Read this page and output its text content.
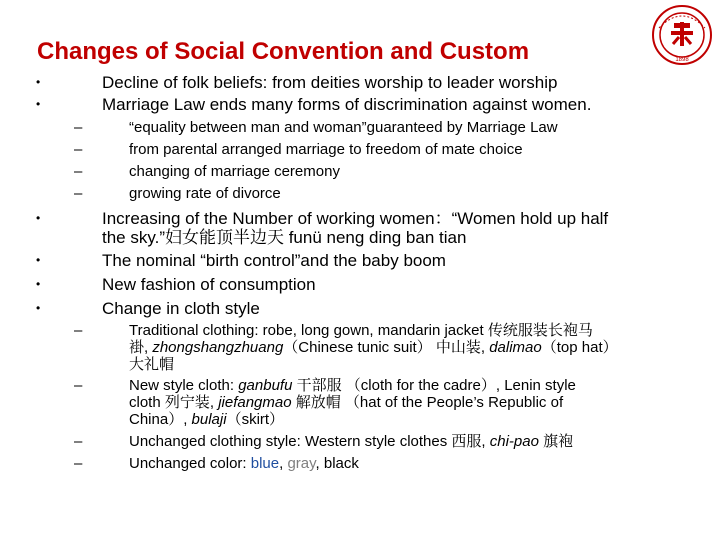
Changes of Social Convention and Custom	1898
•	Decline of folk beliefs: from deities worship to leader worship
•	Marriage Law ends many forms of discrimination against women.
–	“equality between man and woman”guaranteed by Marriage Law
–	from parental arranged marriage to freedom of mate choice
–	changing of marriage ceremony
–	growing rate of divorce
•	Increasing of the Number of working women：“Women hold up half
the sky.”妇女能顶半边天 funü neng ding ban tian
•	The nominal “birth control”and the baby boom
•	New fashion of consumption
•	Change in cloth style
–	Traditional clothing: robe, long gown, mandarin jacket 传统服装长袍马
褂, zhongshangzhuang（Chinese tunic suit） 中山装, dalimao（top hat）
大礼帽
–	New style cloth: ganbufu 干部服 （cloth for the cadre）, Lenin style
cloth 列宁装, jiefangmao 解放帽 （hat of the People’s Republic of
China）, bulaji（skirt）
–	Unchanged clothing style: Western style clothes 西服, chi-pao 旗袍
–	Unchanged color: blue, gray, black
